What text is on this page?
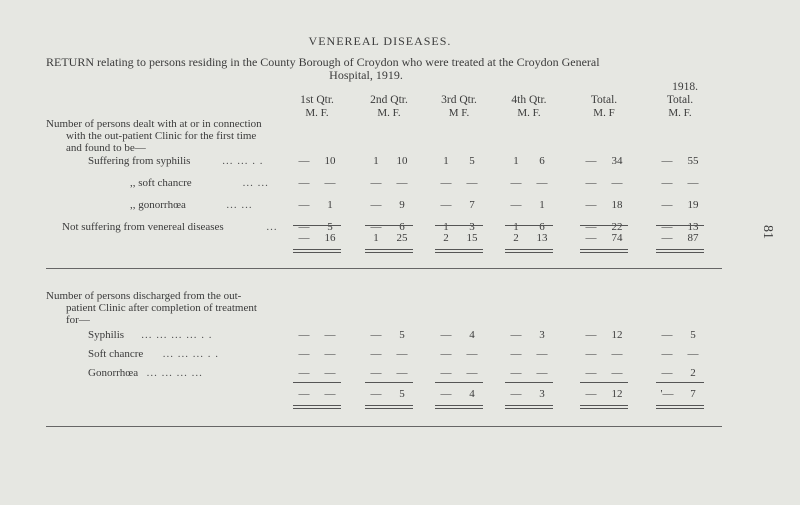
VENEREAL DISEASES.
RETURN relating to persons residing in the County Borough of Croydon who were treated at the Croydon General
Hospital, 1919.
81
1918.
1st Qtr.
M. F.
2nd Qtr.
M. F.
3rd Qtr.
M F.
4th Qtr.
M. F.
Total.
M. F
Total.
M. F.
Number of persons dealt with at or in connection
with the out-patient Clinic for the first time
and found to be—
Number of persons discharged from the out-
patient Clinic after completion of treatment
for—
Suffering from syphilis	... ... . .	—	10	1	10	1	5	1	6	—	34	—	55
,, soft chancre	... ...	—	—	—	—	—	—	—	—	—	—	—	—
,, gonorrhœa	... ...	—	1	—	9	—	7	—	1	—	18	—	19
Not suffering from venereal diseases	...	—	5	—	6	1	3	1	6	—	22	—	13
Syphilis ... ... ... ... . .	—	—	—	5	—	4	—	3	—	12	—	5
Soft chancre ... ... ... . .	—	—	—	—	—	—	—	—	—	—	—	—
Gonorrhœa ... ... ... ...	—	—	—	—	—	—	—	—	—	—	—	2
—	16	1	25	2	15	2	13	—	74	—	87
—	—	—	5	—	4	—	3	—	12	'—	7
